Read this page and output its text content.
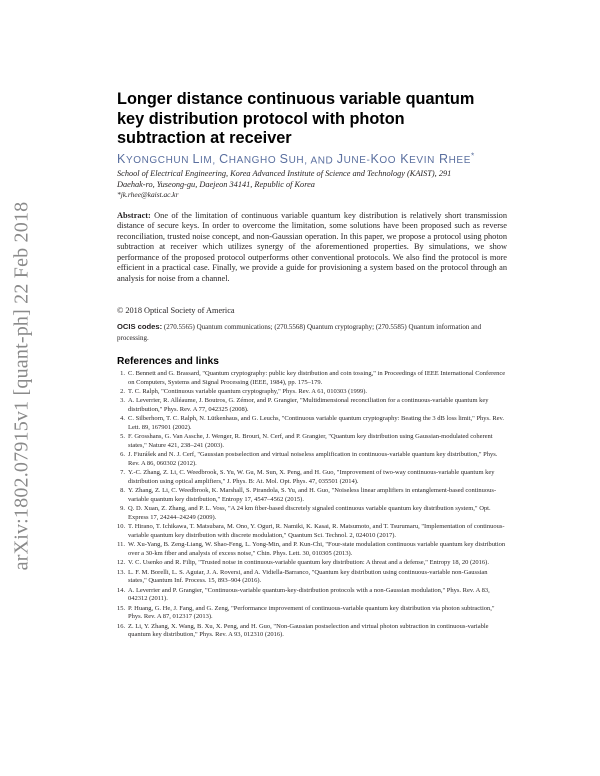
arXiv:1802.07915v1 [quant-ph] 22 Feb 2018
Longer distance continuous variable quantum
key distribution protocol with photon
subtraction at receiver
KYONGCHUN LIM, CHANGHO SUH, AND JUNE-KOO KEVIN RHEE*
School of Electrical Engineering, Korea Advanced Institute of Science and Technology (KAIST), 291
Daehak-ro, Yuseong-gu, Daejeon 34141, Republic of Korea
*jk.rhee@kaist.ac.kr
Abstract: One of the limitation of continuous variable quantum key distribution is relatively short transmission distance of secure keys. In order to overcome the limitation, some solutions have been proposed such as reverse reconciliation, trusted noise concept, and non-Gaussian operation. In this paper, we propose a protocol using photon subtraction at receiver which utilizes synergy of the aforementioned properties. By simulations, we show performance of the proposed protocol outperforms other conventional protocols. We also find the protocol is more efficient in a practical case. Finally, we provide a guide for provisioning a system based on the protocol through an analysis for noise from a channel.
© 2018 Optical Society of America
OCIS codes: (270.5565) Quantum communications; (270.5568) Quantum cryptography; (270.5585) Quantum information and processing.
References and links
1. C. Bennett and G. Brassard, "Quantum cryptography: public key distribution and coin tossing," in Proceedings of IEEE International Conference on Computers, Systems and Signal Processing (IEEE, 1984), pp. 175–179.
2. T. C. Ralph, "Continuous variable quantum cryptography," Phys. Rev. A 61, 010303 (1999).
3. A. Leverrier, R. Alléaume, J. Boutros, G. Zémor, and P. Grangier, "Multidimensional reconciliation for a continuous-variable quantum key distribution," Phys. Rev. A 77, 042325 (2008).
4. C. Silberhorn, T. C. Ralph, N. Lütkenhaus, and G. Leuchs, "Continuous variable quantum cryptography: Beating the 3 dB loss limit," Phys. Rev. Lett. 89, 167901 (2002).
5. F. Grosshans, G. Van Assche, J. Wenger, R. Brouri, N. Cerf, and P. Grangier, "Quantum key distribution using Gaussian-modulated coherent states," Nature 421, 238–241 (2003).
6. J. Fiurášek and N. J. Cerf, "Gaussian postselection and virtual noiseless amplification in continuous-variable quantum key distribution," Phys. Rev. A 86, 060302 (2012).
7. Y.-C. Zhang, Z. Li, C. Weedbrook, S. Yu, W. Gu, M. Sun, X. Peng, and H. Guo, "Improvement of two-way continuous-variable quantum key distribution using optical amplifiers," J. Phys. B: At. Mol. Opt. Phys. 47, 035501 (2014).
8. Y. Zhang, Z. Li, C. Weedbrook, K. Marshall, S. Pirandola, S. Yu, and H. Guo, "Noiseless linear amplifiers in entanglement-based continuous-variable quantum key distribution," Entropy 17, 4547–4562 (2015).
9. Q. D. Xuan, Z. Zhang, and P. L. Voss, "A 24 km fiber-based discretely signaled continuous variable quantum key distribution system," Opt. Express 17, 24244–24249 (2009).
10. T. Hirano, T. Ichikawa, T. Matsubara, M. Ono, Y. Oguri, R. Namiki, K. Kasai, R. Matsumoto, and T. Tsurumaru, "Implementation of continuous-variable quantum key distribution with discrete modulation," Quantum Sci. Technol. 2, 024010 (2017).
11. W. Xu-Yang, B. Zeng-Liang, W. Shao-Feng, L. Yong-Min, and P. Kun-Chi, "Four-state modulation continuous variable quantum key distribution over a 30-km fiber and analysis of excess noise," Chin. Phys. Lett. 30, 010305 (2013).
12. V. C. Usenko and R. Filip, "Trusted noise in continuous-variable quantum key distribution: A threat and a defense," Entropy 18, 20 (2016).
13. L. F. M. Borelli, L. S. Aguiar, J. A. Roversi, and A. Vidiella-Barranco, "Quantum key distribution using continuous-variable non-Gaussian states," Quantum Inf. Process. 15, 893–904 (2016).
14. A. Leverrier and P. Grangier, "Continuous-variable quantum-key-distribution protocols with a non-Gaussian modulation," Phys. Rev. A 83, 042312 (2011).
15. P. Huang, G. He, J. Fang, and G. Zeng, "Performance improvement of continuous-variable quantum key distribution via photon subtraction," Phys. Rev. A 87, 012317 (2013).
16. Z. Li, Y. Zhang, X. Wang, B. Xu, X. Peng, and H. Guo, "Non-Gaussian postselection and virtual photon subtraction in continuous-variable quantum key distribution," Phys. Rev. A 93, 012310 (2016).
